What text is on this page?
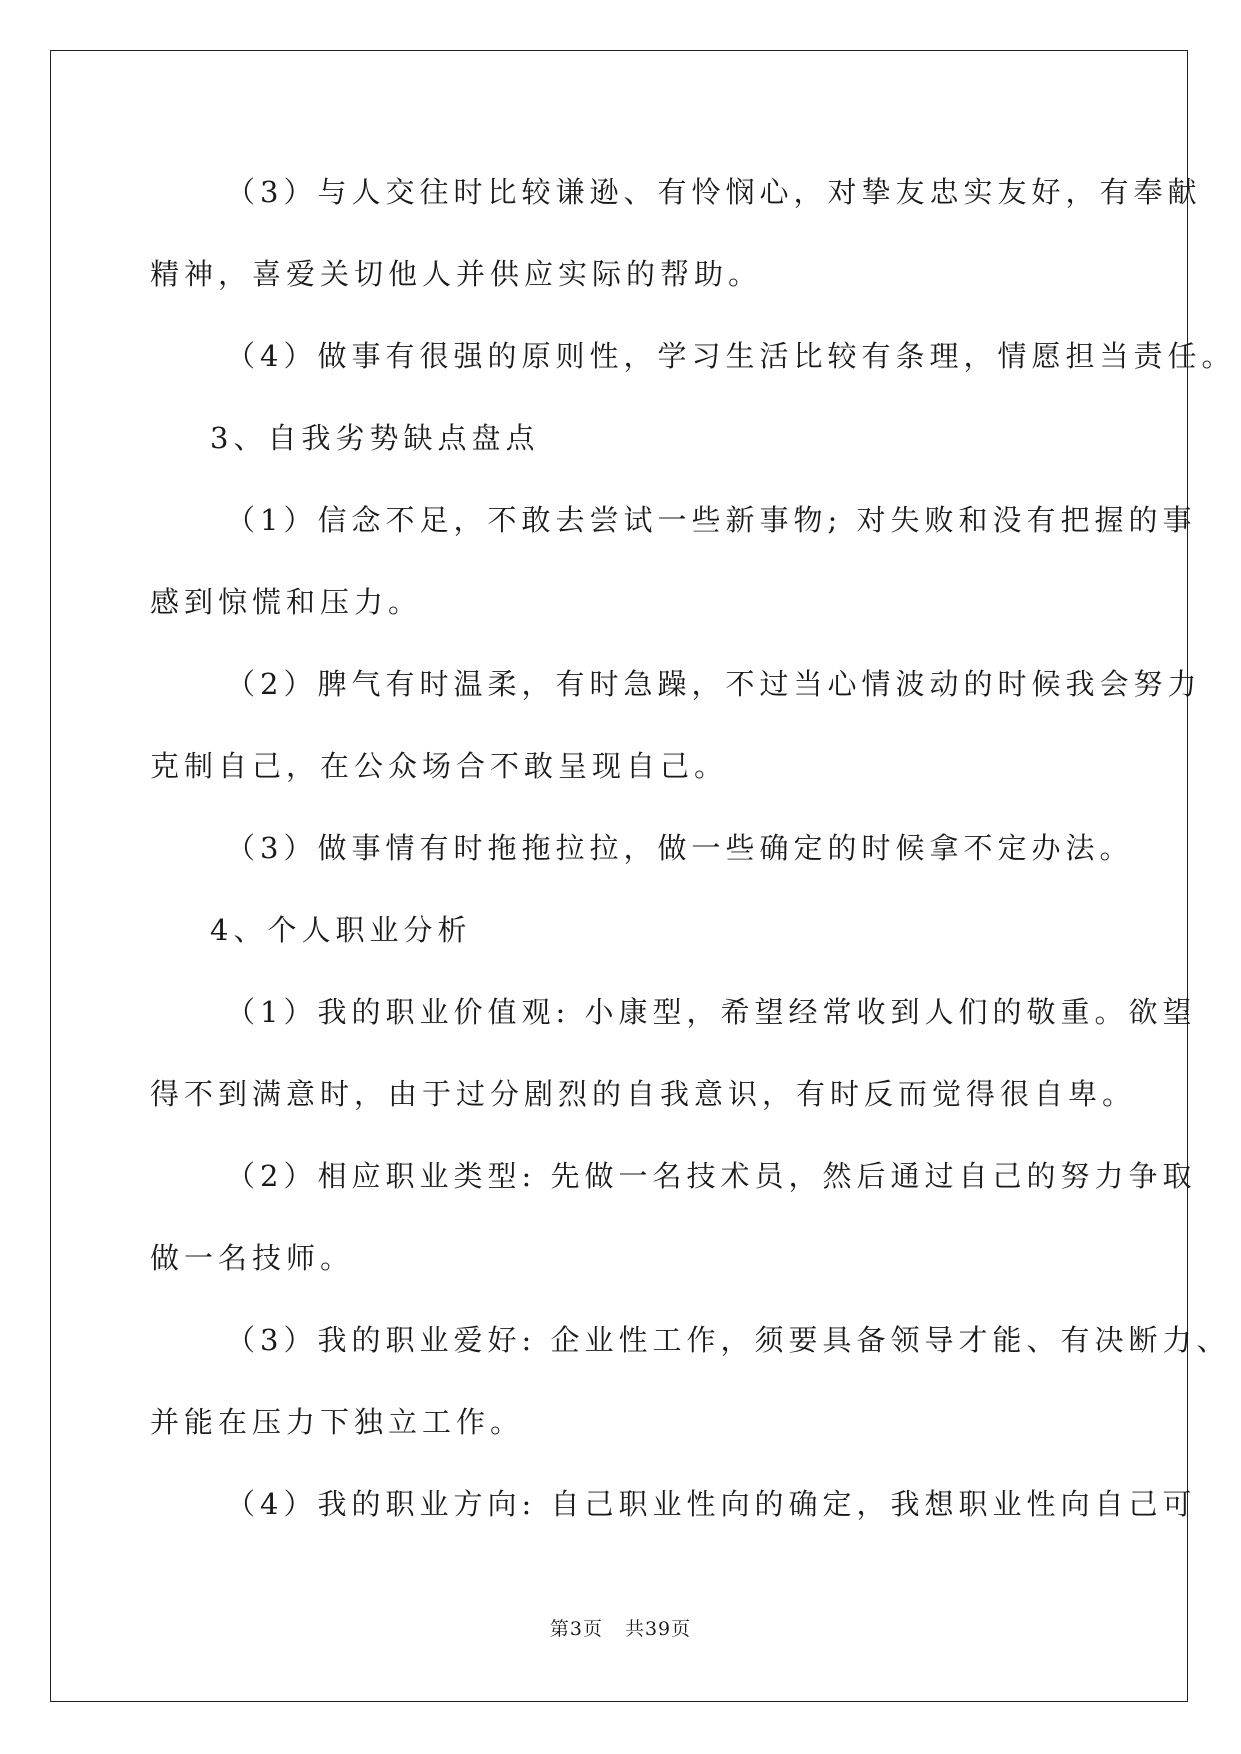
（3）与人交往时比较谦逊、有怜悯心，对挚友忠实友好，有奉献
精神，喜爱关切他人并供应实际的帮助。
（4）做事有很强的原则性，学习生活比较有条理，情愿担当责任。
3、自我劣势缺点盘点
（1）信念不足，不敢去尝试一些新事物; 对失败和没有把握的事
感到惊慌和压力。
（2）脾气有时温柔，有时急躁，不过当心情波动的时候我会努力
克制自己，在公众场合不敢呈现自己。
（3）做事情有时拖拖拉拉，做一些确定的时候拿不定办法。
4、个人职业分析
（1）我的职业价值观: 小康型，希望经常收到人们的敬重。欲望
得不到满意时，由于过分剧烈的自我意识，有时反而觉得很自卑。
（2）相应职业类型: 先做一名技术员，然后通过自己的努力争取
做一名技师。
（3）我的职业爱好: 企业性工作，须要具备领导才能、有决断力、
并能在压力下独立工作。
（4）我的职业方向: 自己职业性向的确定，我想职业性向自己可
第3页 共39页
